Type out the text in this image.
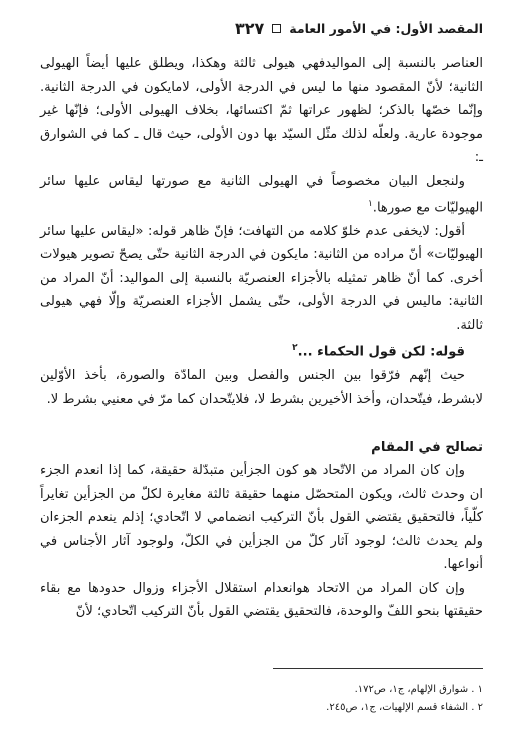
المقصد الأول: في الأمور العامة
٣٢٧

العناصر بالنسبة إلى المواليدفهي هيولى ثالثة وهكذا، ويطلق عليها أيضاً الهيولى الثانية؛ لأنّ المقصود منها ما ليس في الدرجة الأولى، لامايكون في الدرجة الثانية. وإنّما خصّها بالذكر؛ لظهور عراتها ثمّ اكتسائها، بخلاف الهيولى الأولى؛ فإنّها غير موجودة عارية. ولعلّه لذلك مثّل السيّد بها دون الأولى، حيث قال ـ كما في الشوارق ـ:

ولنجعل البيان مخصوصاً في الهيولى الثانية مع صورتها ليقاس عليها سائر الهيوليّات مع صورها.$^١$

أقول: لايخفى عدم خلوّ كلامه من التهافت؛ فإنّ ظاهر قوله: «ليقاس عليها سائر الهيوليّات» أنّ مراده من الثانية: مايكون في الدرجة الثانية حتّى يصحّ تصوير هيولات أخرى. كما أنّ ظاهر تمثيله بالأجزاء العنصريّة بالنسبة إلى المواليد: أنّ المراد من الثانية: ماليس في الدرجة الأولى، حتّى يشمل الأجزاء العنصريّة وإلّا فهي هيولى ثالثة.

قوله: لكن قول الحكماء ...$^٢$

حيث إنّهم فرّقوا بين الجنس والفصل وبين المادّة والصورة، بأخذ الأوّلين لابشرط، فيتّحدان، وأخذ الأخيرين بشرط لا، فلايتّحدان كما مرّ في معنيي بشرط لا.

تصالح في المقام

وإن كان المراد من الاتّحاد هو كون الجزأين متبدّلة حقيقة، كما إذا انعدم الجزء ان وحدث ثالث، ويكون المتحصّل منهما حقيقة ثالثة مغايرة لكلّ من الجزأين تغايراً كلّياً، فالتحقيق يقتضي القول بأنّ التركيب انضمامي لا اتّحادي؛ إذلم ينعدم الجزءان ولم يحدث ثالث؛ لوجود آثار كلّ من الجزأين في الكلّ، ولوجود آثار الأجناس في أنواعها.

وإن كان المراد من الاتحاد هوانعدام استقلال الأجزاء وزوال حدودها مع بقاء حقيقتها بنحو اللفّ والوحدة، فالتحقيق يقتضي القول بأنّ التركيب اتّحادي؛ لأنّ

١ . شوارق الإلهام، ج١، ص١٧٢.
٢ . الشفاء قسم الإلهيات، ج١، ص٢٤٥.
